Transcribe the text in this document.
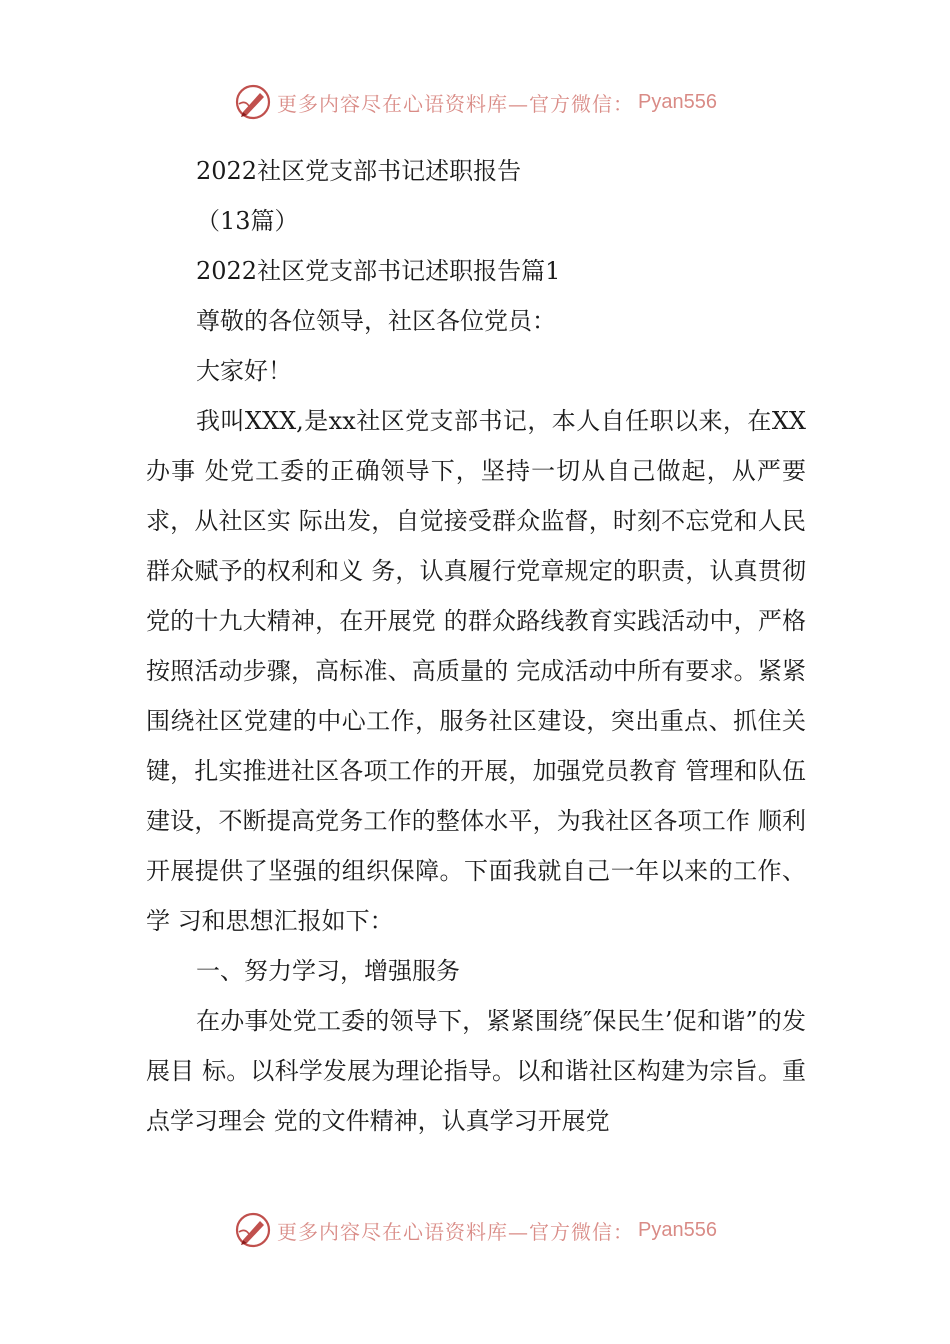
更多内容尽在心语资料库—官方微信： Pyan556

2022社区党支部书记述职报告

（13篇）

2022社区党支部书记述职报告篇1

尊敬的各位领导，社区各位党员：

大家好！

我叫XXX,是xx社区党支部书记，本人自任职以来，在XX办事 处党工委的正确领导下，坚持一切从自己做起，从严要求，从社区实 际出发，自觉接受群众监督，时刻不忘党和人民群众赋予的权利和义 务，认真履行党章规定的职责，认真贯彻党的十九大精神，在开展党 的群众路线教育实践活动中，严格按照活动步骤，高标准、高质量的 完成活动中所有要求。紧紧围绕社区党建的中心工作，服务社区建设，突出重点、抓住关键，扎实推进社区各项工作的开展，加强党员教育 管理和队伍建设，不断提高党务工作的整体水平，为我社区各项工作 顺利开展提供了坚强的组织保障。下面我就自己一年以来的工作、学 习和思想汇报如下：

一、努力学习，增强服务

在办事处党工委的领导下，紧紧围绕″保民生’促和谐”的发展目 标。以科学发展为理论指导。以和谐社区构建为宗旨。重点学习理会 党的文件精神，认真学习开展党

更多内容尽在心语资料库—官方微信： Pyan556
